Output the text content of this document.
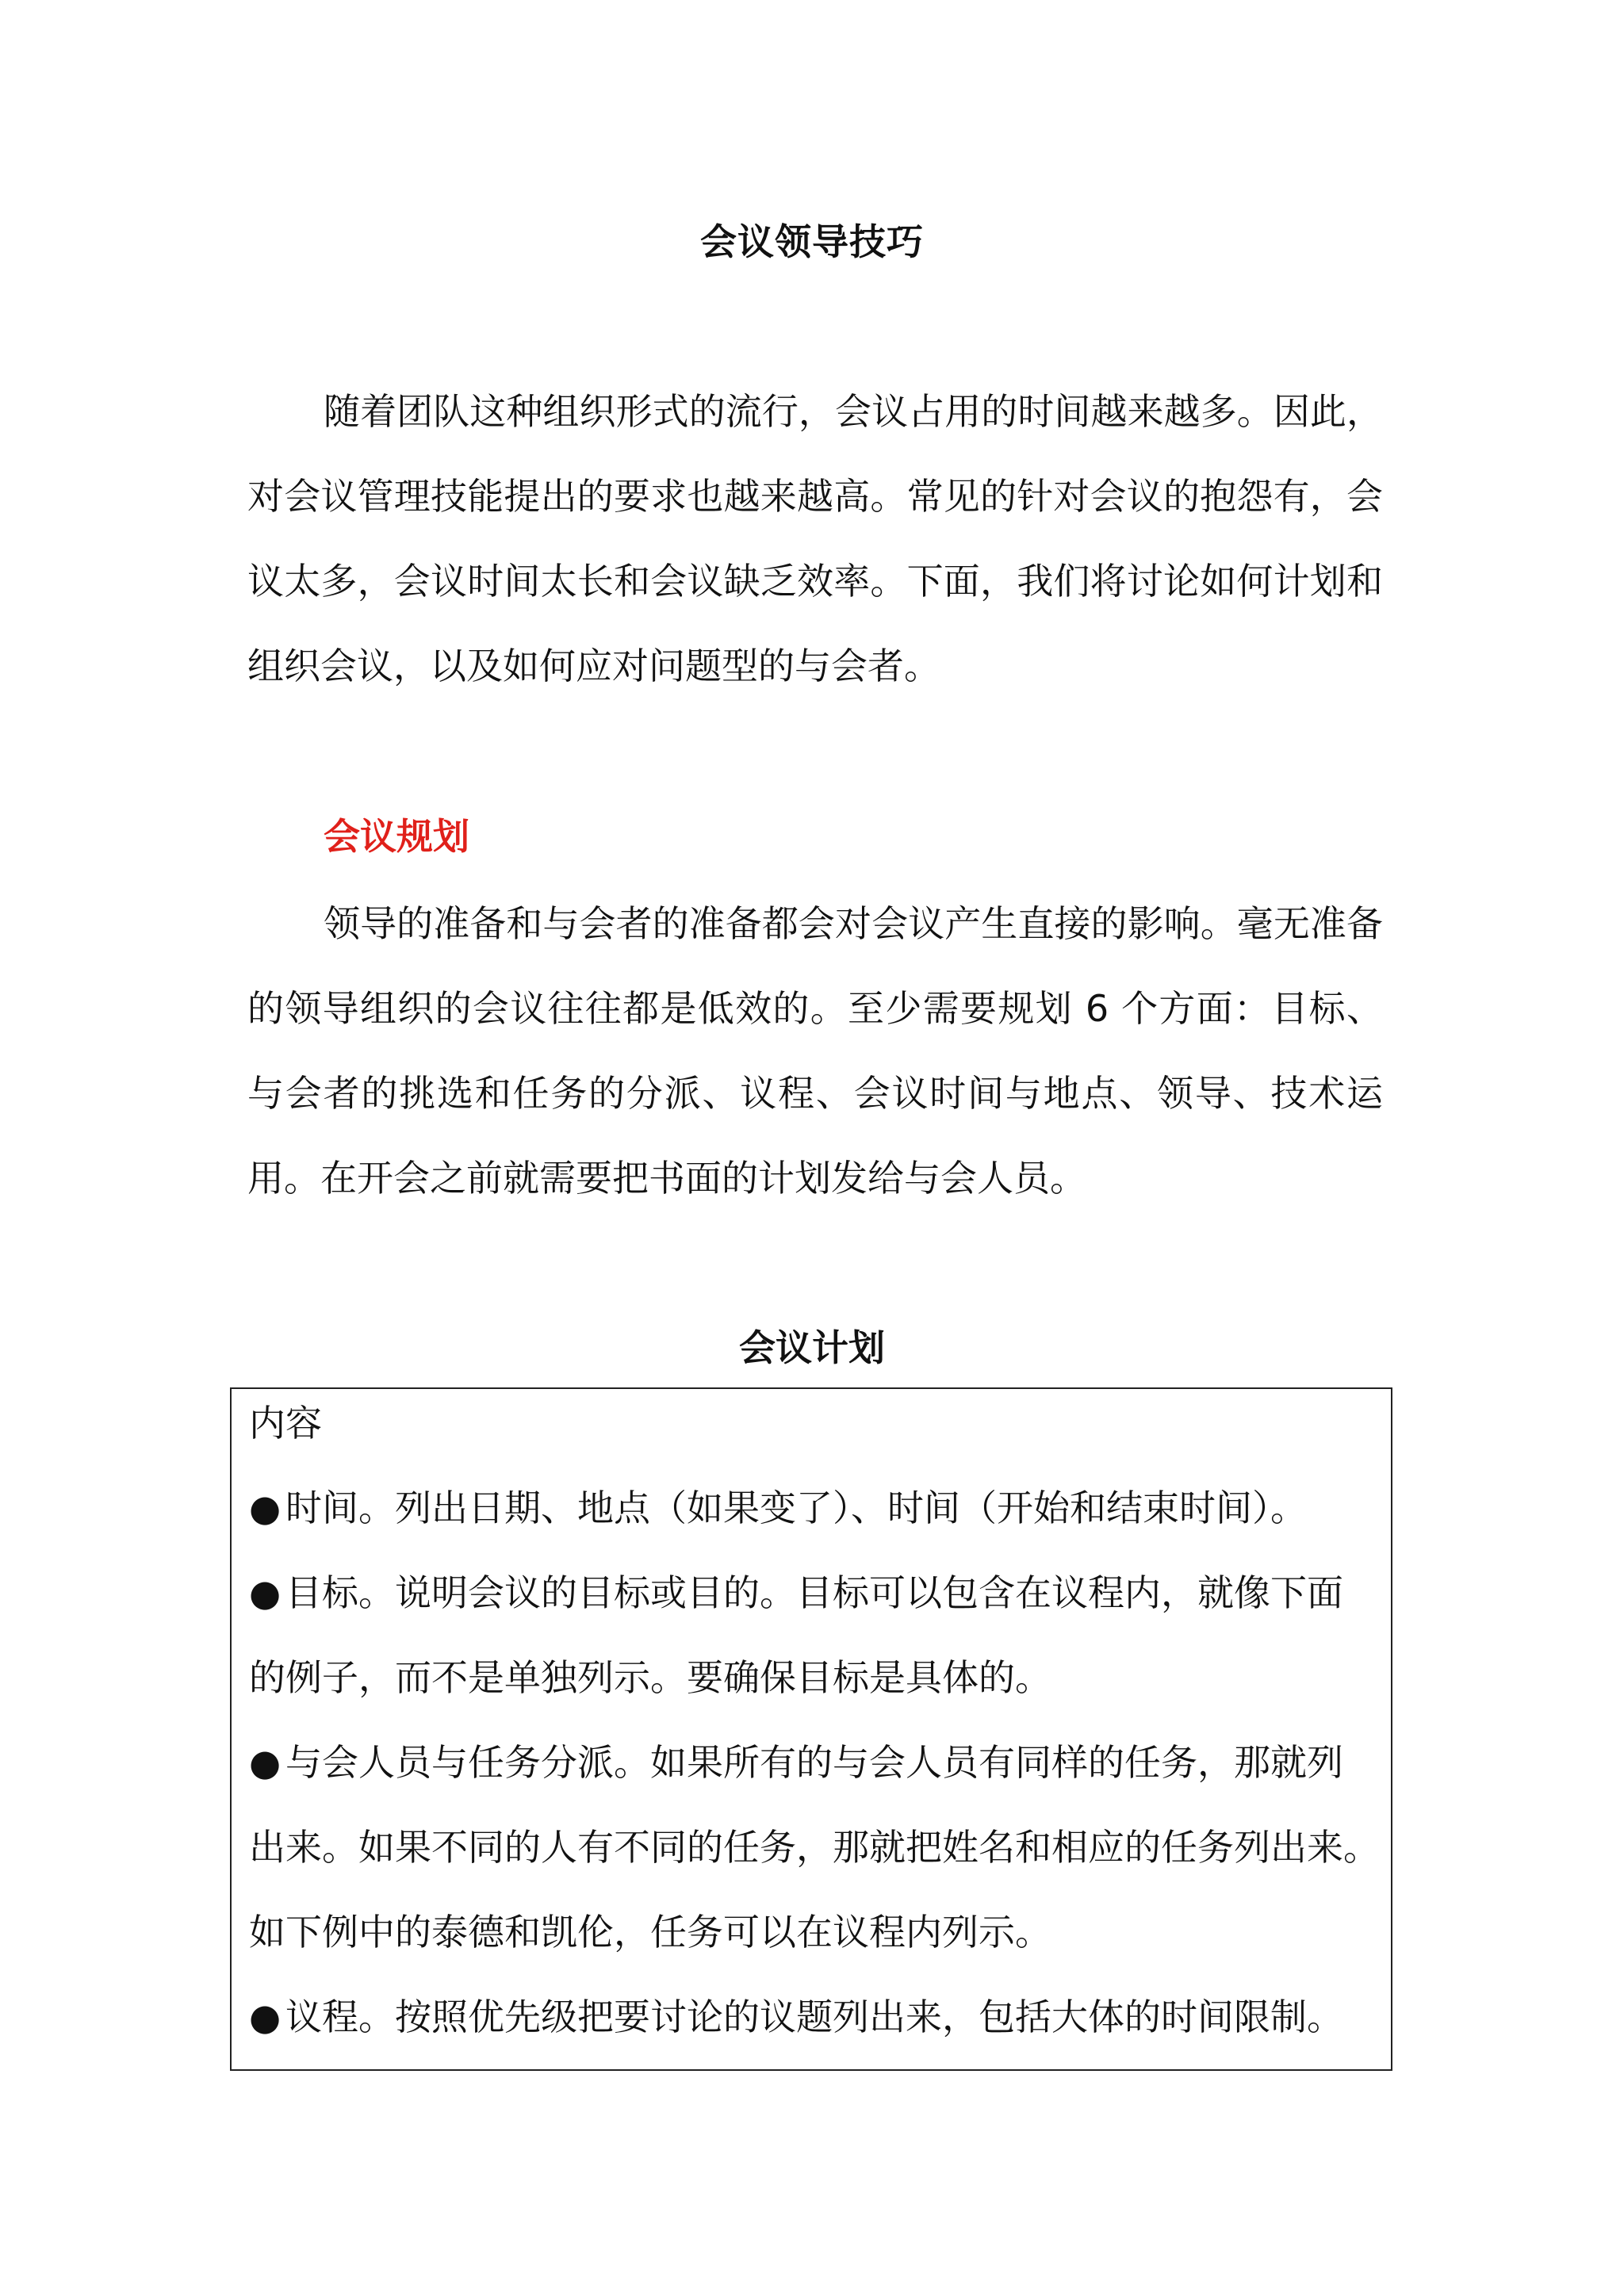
会议领导技巧

随着团队这种组织形式的流行，会议占用的时间越来越多。因此，对会议管理技能提出的要求也越来越高。常见的针对会议的抱怨有，会议太多，会议时间太长和会议缺乏效率。下面，我们将讨论如何计划和组织会议，以及如何应对问题型的与会者。

会议规划

领导的准备和与会者的准备都会对会议产生直接的影响。毫无准备的领导组织的会议往往都是低效的。至少需要规划 6 个方面：目标、与会者的挑选和任务的分派、议程、会议时间与地点、领导、技术运用。在开会之前就需要把书面的计划发给与会人员。

会议计划
内容
● 时间。列出日期、地点（如果变了）、时间（开始和结束时间）。
● 目标。说明会议的目标或目的。目标可以包含在议程内，就像下面
的例子，而不是单独列示。要确保目标是具体的。
● 与会人员与任务分派。如果所有的与会人员有同样的任务，那就列
出来。如果不同的人有不同的任务，那就把姓名和相应的任务列出来。
如下例中的泰德和凯伦，任务可以在议程内列示。
● 议程。按照优先级把要讨论的议题列出来，包括大体的时间限制。
